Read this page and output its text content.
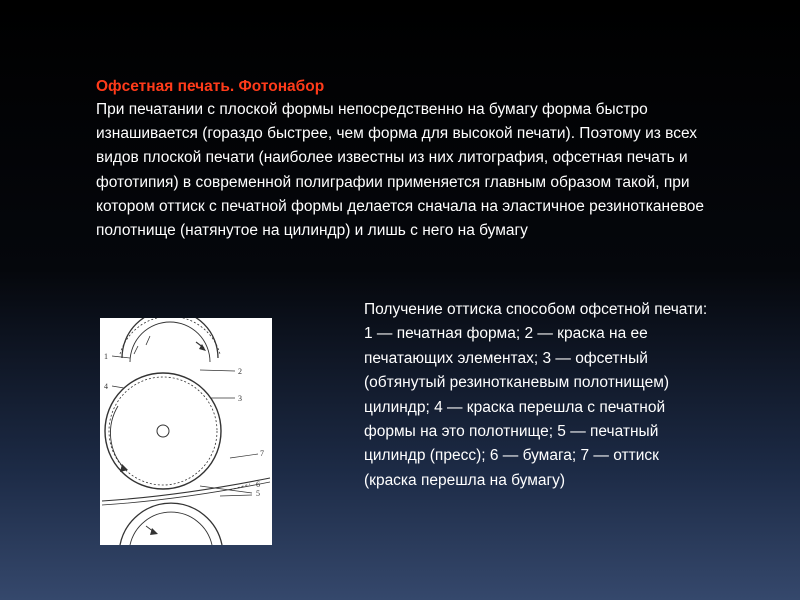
Офсетная печать. Фотонабор
При печатании с плоской формы непосредственно на бумагу форма быстро изнашивается (гораздо быстрее, чем форма для высокой печати). Поэтому из всех видов плоской печати (наиболее известны из них литография, офсетная печать и фототипия) в современной полиграфии применяется главным образом такой, при котором оттиск с печатной формы делается сначала на эластичное резинотканевое полотнище (натянутое на цилиндр) и лишь с него на бумагу
1
2
3
4
5
6
7
Получение оттиска способом офсетной печати: 1 — печатная форма; 2 — краска на ее печатающих элементах; 3 — офсетный (обтянутый резинотканевым полотнищем) цилиндр; 4 — краска перешла с печатной формы на это полотнище; 5 — печатный цилиндр (пресс); 6 — бумага; 7 — оттиск (краска перешла на бумагу)
